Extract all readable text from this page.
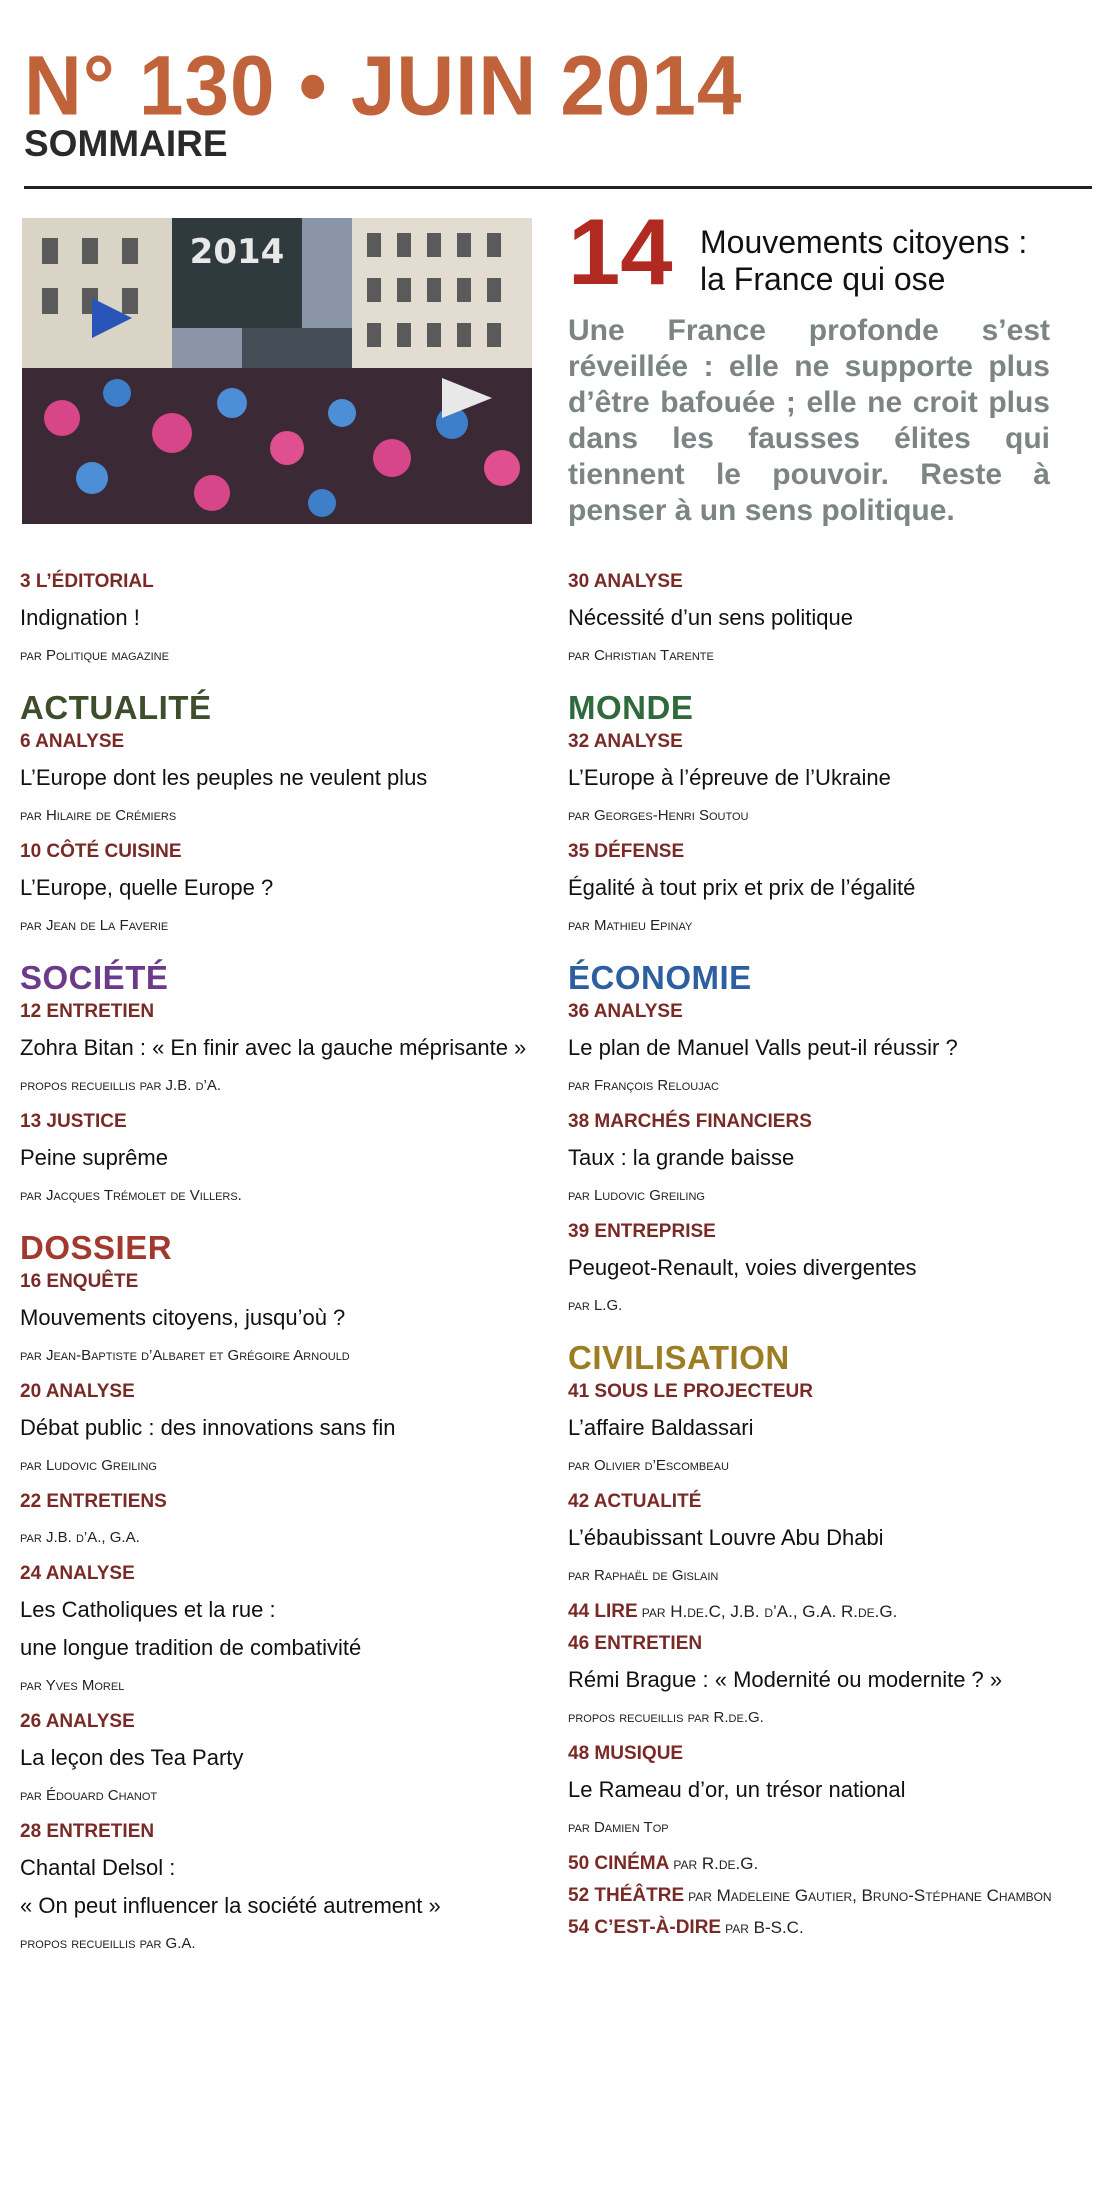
N° 130 • JUIN 2014
SOMMAIRE
2014	14 Mouvements citoyens :
la France qui ose
Une France profonde s’est réveillée : elle ne supporte plus d’être bafouée ; elle ne croit plus dans les fausses élites qui tiennent le pouvoir. Reste à penser à un sens politique.
3 L’ÉDITORIAL
Indignation !
par Politique magazine
ACTUALITÉ
6 ANALYSE
L’Europe dont les peuples ne veulent plus
par Hilaire de Crémiers
10 CÔTÉ CUISINE
L’Europe, quelle Europe ?
par Jean de La Faverie
SOCIÉTÉ
12 ENTRETIEN
Zohra Bitan : « En finir avec la gauche méprisante »
propos recueillis par J.B. d’A.
13 JUSTICE
Peine suprême
par Jacques Trémolet de Villers.
DOSSIER
16 ENQUÊTE
Mouvements citoyens, jusqu’où ?
par Jean-Baptiste d’Albaret et Grégoire Arnould
20 ANALYSE
Débat public : des innovations sans fin
par Ludovic Greiling
22 ENTRETIENS
par J.B. d’A., G.A.
24 ANALYSE
Les Catholiques et la rue :
une longue tradition de combativité
par Yves Morel
26 ANALYSE
La leçon des Tea Party
par Édouard Chanot
28 ENTRETIEN
Chantal Delsol :
« On peut influencer la société autrement »
propos recueillis par G.A.
30 ANALYSE
Nécessité d’un sens politique
par Christian Tarente
MONDE
32 ANALYSE
L’Europe à l’épreuve de l’Ukraine
par Georges-Henri Soutou
35 DÉFENSE
Égalité à tout prix et prix de l’égalité
par Mathieu Epinay
ÉCONOMIE
36 ANALYSE
Le plan de Manuel Valls peut-il réussir ?
par François Reloujac
38 MARCHÉS FINANCIERS
Taux : la grande baisse
par Ludovic Greiling
39 ENTREPRISE
Peugeot-Renault, voies divergentes
par L.G.
CIVILISATION
41 SOUS LE PROJECTEUR
L’affaire Baldassari
par Olivier d’Escombeau
42 ACTUALITÉ
L’ébaubissant Louvre Abu Dhabi
par Raphaël de Gislain
44 LIRE par H.de.C, J.B. d’A., G.A. R.de.G.
46 ENTRETIEN
Rémi Brague : « Modernité ou modernite ? »
propos recueillis par R.de.G.
48 MUSIQUE
Le Rameau d’or, un trésor national
par Damien Top
50 CINÉMA par R.de.G.
52 THÉÂTRE par Madeleine Gautier, Bruno-Stéphane Chambon
54 C’EST-À-DIRE par B-S.C.
